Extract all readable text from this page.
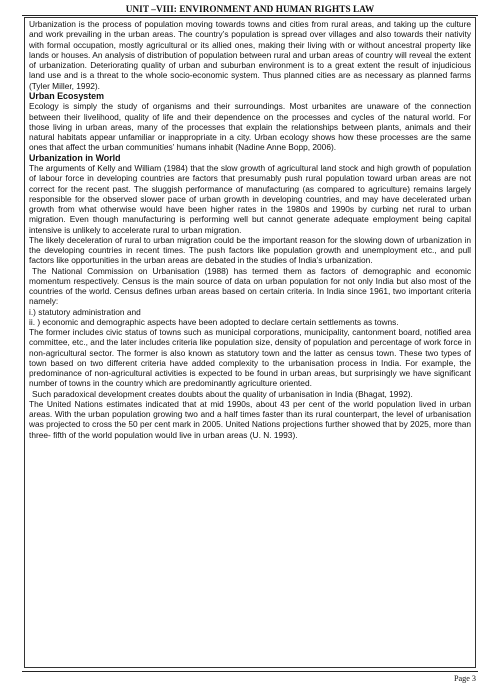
UNIT –VIII: ENVIRONMENT AND HUMAN RIGHTS LAW

Urbanization is the process of population moving towards towns and cities from rural areas, and taking up the culture and work prevailing in the urban areas. The country’s population is spread over villages and also towards their nativity with formal occupation, mostly agricultural or its allied ones, making their living with or without ancestral property like lands or houses. An analysis of distribution of population between rural and urban areas of country will reveal the extent of urbanization. Deteriorating quality of urban and suburban environment is to a great extent the result of injudicious land use and is a threat to the whole socio-economic system. Thus planned cities are as necessary as planned farms (Tyler Miller, 1992).

Urban Ecosystem

Ecology is simply the study of organisms and their surroundings. Most urbanites are unaware of the connection between their livelihood, quality of life and their dependence on the processes and cycles of the natural world. For those living in urban areas, many of the processes that explain the relationships between plants, animals and their natural habitats appear unfamiliar or inappropriate in a city. Urban ecology shows how these processes are the same ones that affect the urban communities’ humans inhabit (Nadine Anne Bopp, 2006).

Urbanization in World

The arguments of Kelly and William (1984) that the slow growth of agricultural land stock and high growth of population of labour force in developing countries are factors that presumably push rural population toward urban areas are not correct for the recent past. The sluggish performance of manufacturing (as compared to agriculture) remains largely responsible for the observed slower pace of urban growth in developing countries, and may have decelerated urban growth from what otherwise would have been higher rates in the 1980s and 1990s by curbing net rural to urban migration. Even though manufacturing is performing well but cannot generate adequate employment being capital intensive is unlikely to accelerate rural to urban migration.

The likely deceleration of rural to urban migration could be the important reason for the slowing down of urbanization in the developing countries in recent times. The push factors like population growth and unemployment etc., and pull factors like opportunities in the urban areas are debated in the studies of India’s urbanization.

The National Commission on Urbanisation (1988) has termed them as factors of demographic and economic momentum respectively. Census is the main source of data on urban population for not only India but also most of the countries of the world. Census defines urban areas based on certain criteria. In India since 1961, two important criteria namely:

i.) statutory administration and

ii. ) economic and demographic aspects have been adopted to declare certain settlements as towns.

The former includes civic status of towns such as municipal corporations, municipality, cantonment board, notified area committee, etc., and the later includes criteria like population size, density of population and percentage of work force in non-agricultural sector. The former is also known as statutory town and the latter as census town. These two types of town based on two different criteria have added complexity to the urbanisation process in India. For example, the predominance of non-agricultural activities is expected to be found in urban areas, but surprisingly we have significant number of towns in the country which are predominantly agriculture oriented.

Such paradoxical development creates doubts about the quality of urbanisation in India (Bhagat, 1992).

The United Nations estimates indicated that at mid 1990s, about 43 per cent of the world population lived in urban areas. With the urban population growing two and a half times faster than its rural counterpart, the level of urbanisation was projected to cross the 50 per cent mark in 2005. United Nations projections further showed that by 2025, more than three- fifth of the world population would live in urban areas (U. N. 1993).

Page 3
